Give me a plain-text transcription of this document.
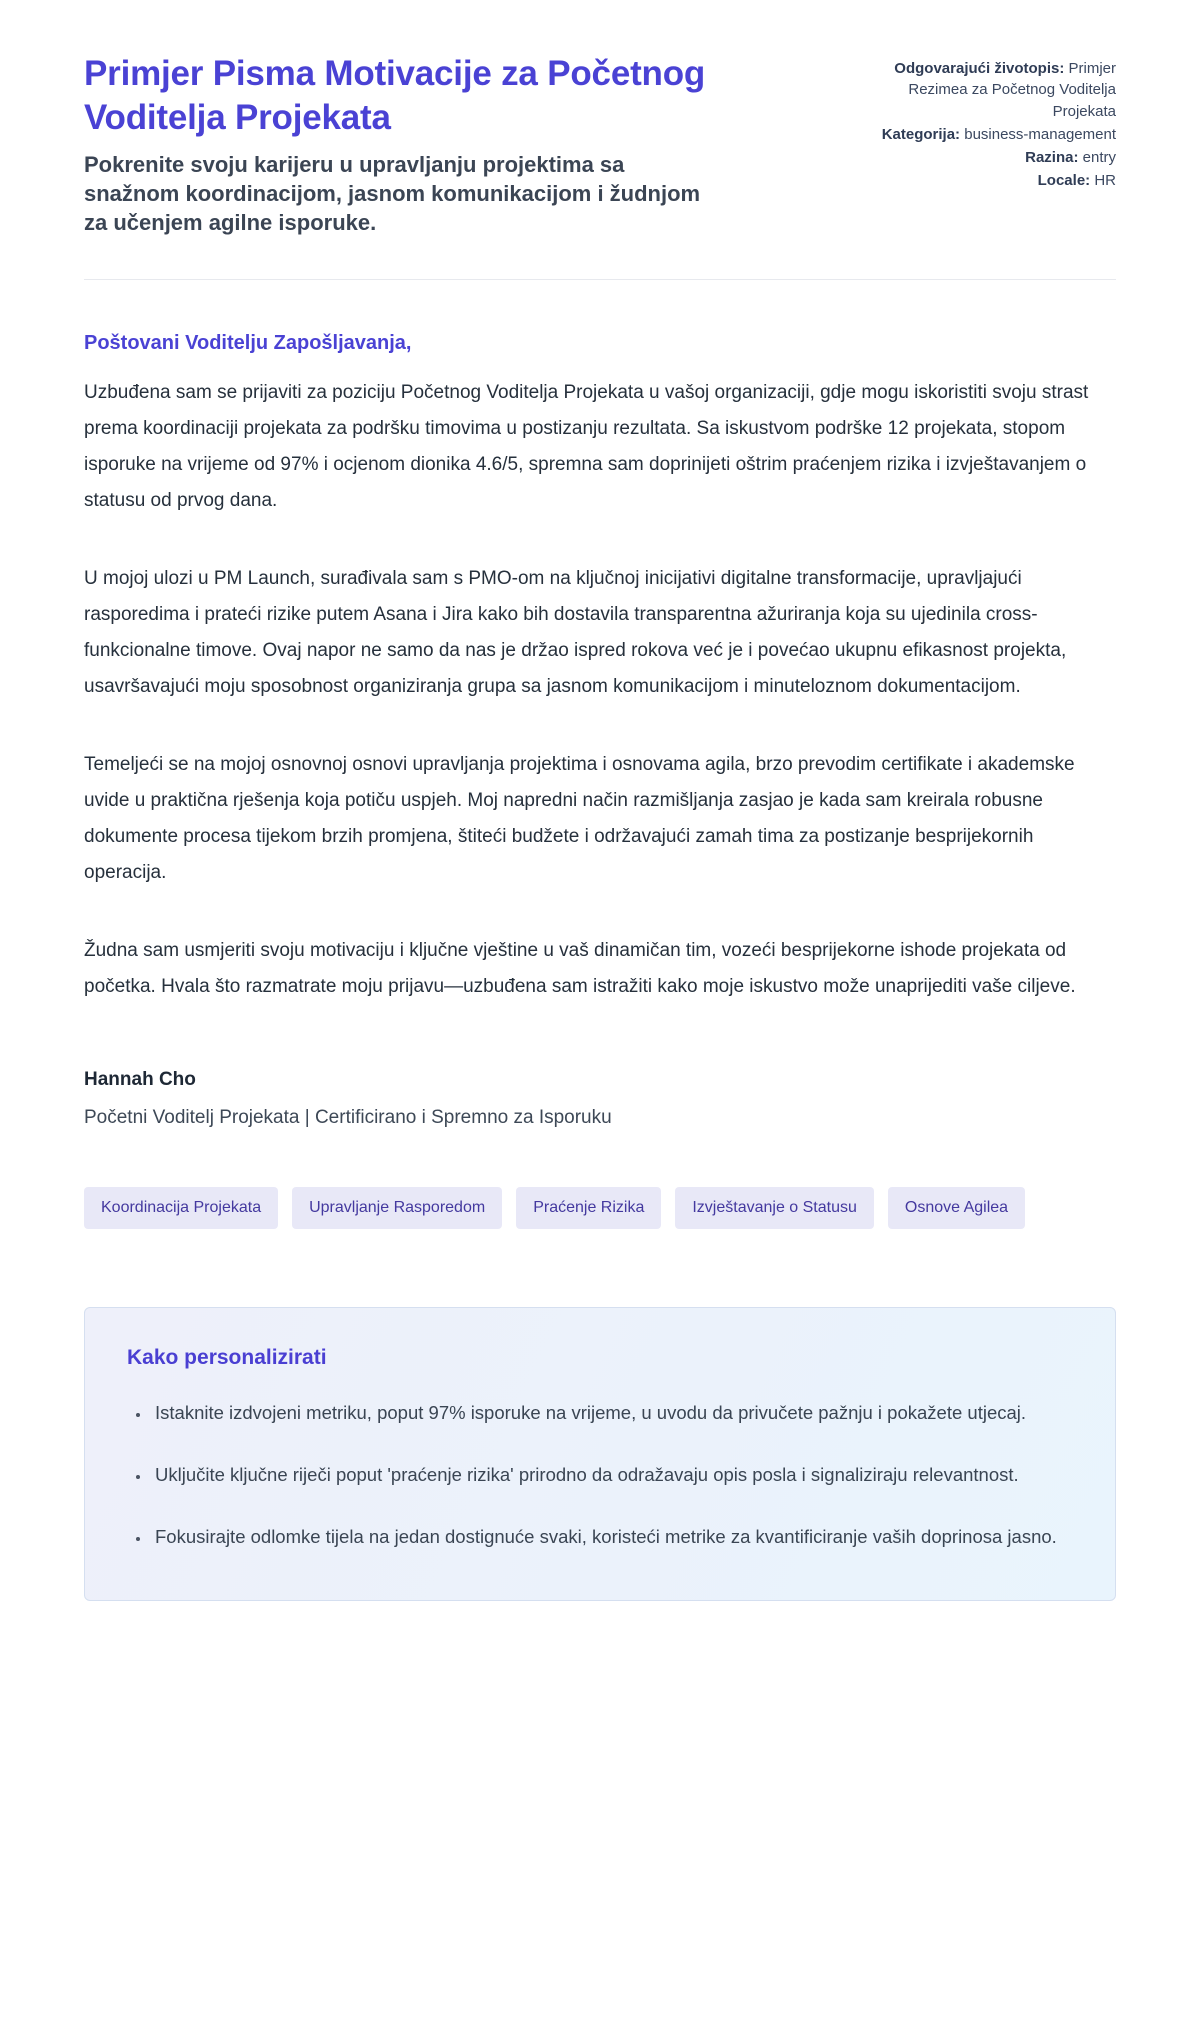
Primjer Pisma Motivacije za Početnog Voditelja Projekata

Pokrenite svoju karijeru u upravljanju projektima sa snažnom koordinacijom, jasnom komunikacijom i žudnjom za učenjem agilne isporuke.

Odgovarajući životopis: Primjer Rezimea za Početnog Voditelja Projekata
Kategorija: business-management
Razina: entry
Locale: HR

Poštovani Voditelju Zapošljavanja,

Uzbuđena sam se prijaviti za poziciju Početnog Voditelja Projekata u vašoj organizaciji, gdje mogu iskoristiti svoju strast prema koordinaciji projekata za podršku timovima u postizanju rezultata. Sa iskustvom podrške 12 projekata, stopom isporuke na vrijeme od 97% i ocjenom dionika 4.6/5, spremna sam doprinijeti oštrim praćenjem rizika i izvještavanjem o statusu od prvog dana.

U mojoj ulozi u PM Launch, surađivala sam s PMO-om na ključnoj inicijativi digitalne transformacije, upravljajući rasporedima i prateći rizike putem Asana i Jira kako bih dostavila transparentna ažuriranja koja su ujedinila cross-funkcionalne timove. Ovaj napor ne samo da nas je držao ispred rokova već je i povećao ukupnu efikasnost projekta, usavršavajući moju sposobnost organiziranja grupa sa jasnom komunikacijom i minuteloznom dokumentacijom.

Temeljeći se na mojoj osnovnoj osnovi upravljanja projektima i osnovama agila, brzo prevodim certifikate i akademske uvide u praktična rješenja koja potiču uspjeh. Moj napredni način razmišljanja zasjao je kada sam kreirala robusne dokumente procesa tijekom brzih promjena, štiteći budžete i održavajući zamah tima za postizanje besprijekornih operacija.

Žudna sam usmjeriti svoju motivaciju i ključne vještine u vaš dinamičan tim, vozeći besprijekorne ishode projekata od početka. Hvala što razmatrate moju prijavu—uzbuđena sam istražiti kako moje iskustvo može unaprijediti vaše ciljeve.

Hannah Cho
Početni Voditelj Projekata | Certificirano i Spremno za Isporuku
Koordinacija Projekata	Upravljanje Rasporedom	Praćenje Rizika	Izvještavanje o Statusu	Osnove Agilea
Kako personalizirati
• Istaknite izdvojeni metriku, poput 97% isporuke na vrijeme, u uvodu da privučete pažnju i pokažete utjecaj.
• Uključite ključne riječi poput 'praćenje rizika' prirodno da odražavaju opis posla i signaliziraju relevantnost.
• Fokusirajte odlomke tijela na jedan dostignuće svaki, koristeći metrike za kvantificiranje vaših doprinosa jasno.
